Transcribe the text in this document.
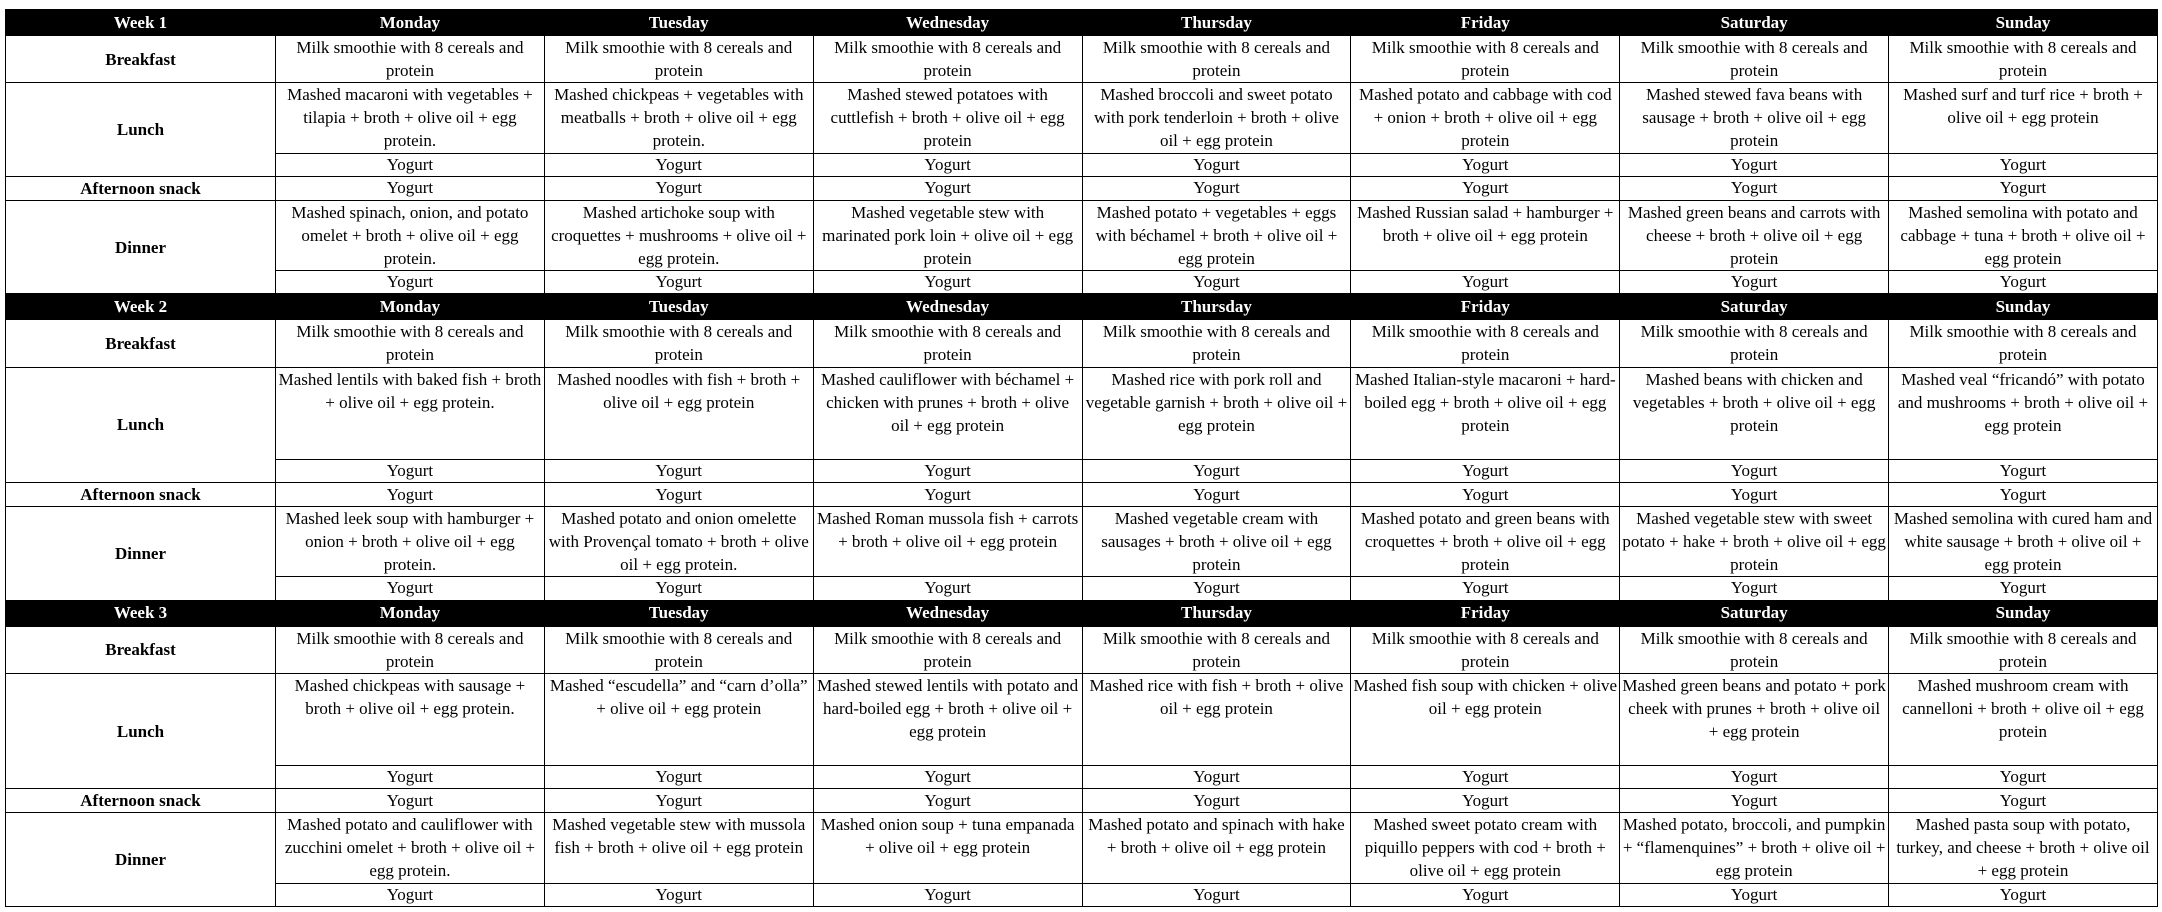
Week 1	Monday	Tuesday	Wednesday	Thursday	Friday	Saturday	Sunday
Breakfast	Milk smoothie with 8 cereals and protein	Milk smoothie with 8 cereals and protein	Milk smoothie with 8 cereals and protein	Milk smoothie with 8 cereals and protein	Milk smoothie with 8 cereals and protein	Milk smoothie with 8 cereals and protein	Milk smoothie with 8 cereals and protein
Lunch	Mashed macaroni with vegetables + tilapia + broth + olive oil + egg protein.	Mashed chickpeas + vegetables with meatballs + broth + olive oil + egg protein.	Mashed stewed potatoes with cuttlefish + broth + olive oil + egg protein	Mashed broccoli and sweet potato with pork tenderloin + broth + olive oil + egg protein	Mashed potato and cabbage with cod + onion + broth + olive oil + egg protein	Mashed stewed fava beans with sausage + broth + olive oil + egg protein	Mashed surf and turf rice + broth + olive oil + egg protein
	Yogurt	Yogurt	Yogurt	Yogurt	Yogurt	Yogurt	Yogurt
Afternoon snack	Yogurt	Yogurt	Yogurt	Yogurt	Yogurt	Yogurt	Yogurt
Dinner	Mashed spinach, onion, and potato omelet + broth + olive oil + egg protein.	Mashed artichoke soup with croquettes + mushrooms + olive oil + egg protein.	Mashed vegetable stew with marinated pork loin + olive oil + egg protein	Mashed potato + vegetables + eggs with béchamel + broth + olive oil + egg protein	Mashed Russian salad + hamburger + broth + olive oil + egg protein	Mashed green beans and carrots with cheese + broth + olive oil + egg protein	Mashed semolina with potato and cabbage + tuna + broth + olive oil + egg protein
	Yogurt	Yogurt	Yogurt	Yogurt	Yogurt	Yogurt	Yogurt
Week 2	Monday	Tuesday	Wednesday	Thursday	Friday	Saturday	Sunday
Breakfast	Milk smoothie with 8 cereals and protein	Milk smoothie with 8 cereals and protein	Milk smoothie with 8 cereals and protein	Milk smoothie with 8 cereals and protein	Milk smoothie with 8 cereals and protein	Milk smoothie with 8 cereals and protein	Milk smoothie with 8 cereals and protein
Lunch	Mashed lentils with baked fish + broth + olive oil + egg protein.	Mashed noodles with fish + broth + olive oil + egg protein	Mashed cauliflower with béchamel + chicken with prunes + broth + olive oil + egg protein	Mashed rice with pork roll and vegetable garnish + broth + olive oil + egg protein	Mashed Italian-style macaroni + hard-boiled egg + broth + olive oil + egg protein	Mashed beans with chicken and vegetables + broth + olive oil + egg protein	Mashed veal “fricandó” with potato and mushrooms + broth + olive oil + egg protein
	Yogurt	Yogurt	Yogurt	Yogurt	Yogurt	Yogurt	Yogurt
Afternoon snack	Yogurt	Yogurt	Yogurt	Yogurt	Yogurt	Yogurt	Yogurt
Dinner	Mashed leek soup with hamburger + onion + broth + olive oil + egg protein.	Mashed potato and onion omelette with Provençal tomato + broth + olive oil + egg protein.	Mashed Roman mussola fish + carrots + broth + olive oil + egg protein	Mashed vegetable cream with sausages + broth + olive oil + egg protein	Mashed potato and green beans with croquettes + broth + olive oil + egg protein	Mashed vegetable stew with sweet potato + hake + broth + olive oil + egg protein	Mashed semolina with cured ham and white sausage + broth + olive oil + egg protein
	Yogurt	Yogurt	Yogurt	Yogurt	Yogurt	Yogurt	Yogurt
Week 3	Monday	Tuesday	Wednesday	Thursday	Friday	Saturday	Sunday
Breakfast	Milk smoothie with 8 cereals and protein	Milk smoothie with 8 cereals and protein	Milk smoothie with 8 cereals and protein	Milk smoothie with 8 cereals and protein	Milk smoothie with 8 cereals and protein	Milk smoothie with 8 cereals and protein	Milk smoothie with 8 cereals and protein
Lunch	Mashed chickpeas with sausage + broth + olive oil + egg protein.	Mashed “escudella” and “carn d’olla” + olive oil + egg protein	Mashed stewed lentils with potato and hard-boiled egg + broth + olive oil + egg protein	Mashed rice with fish + broth + olive oil + egg protein	Mashed fish soup with chicken + olive oil + egg protein	Mashed green beans and potato + pork cheek with prunes + broth + olive oil + egg protein	Mashed mushroom cream with cannelloni + broth + olive oil + egg protein
	Yogurt	Yogurt	Yogurt	Yogurt	Yogurt	Yogurt	Yogurt
Afternoon snack	Yogurt	Yogurt	Yogurt	Yogurt	Yogurt	Yogurt	Yogurt
Dinner	Mashed potato and cauliflower with zucchini omelet + broth + olive oil + egg protein.	Mashed vegetable stew with mussola fish + broth + olive oil + egg protein	Mashed onion soup + tuna empanada + olive oil + egg protein	Mashed potato and spinach with hake + broth + olive oil + egg protein	Mashed sweet potato cream with piquillo peppers with cod + broth + olive oil + egg protein	Mashed potato, broccoli, and pumpkin + “flamenquines” + broth + olive oil + egg protein	Mashed pasta soup with potato, turkey, and cheese + broth + olive oil + egg protein
	Yogurt	Yogurt	Yogurt	Yogurt	Yogurt	Yogurt	Yogurt
